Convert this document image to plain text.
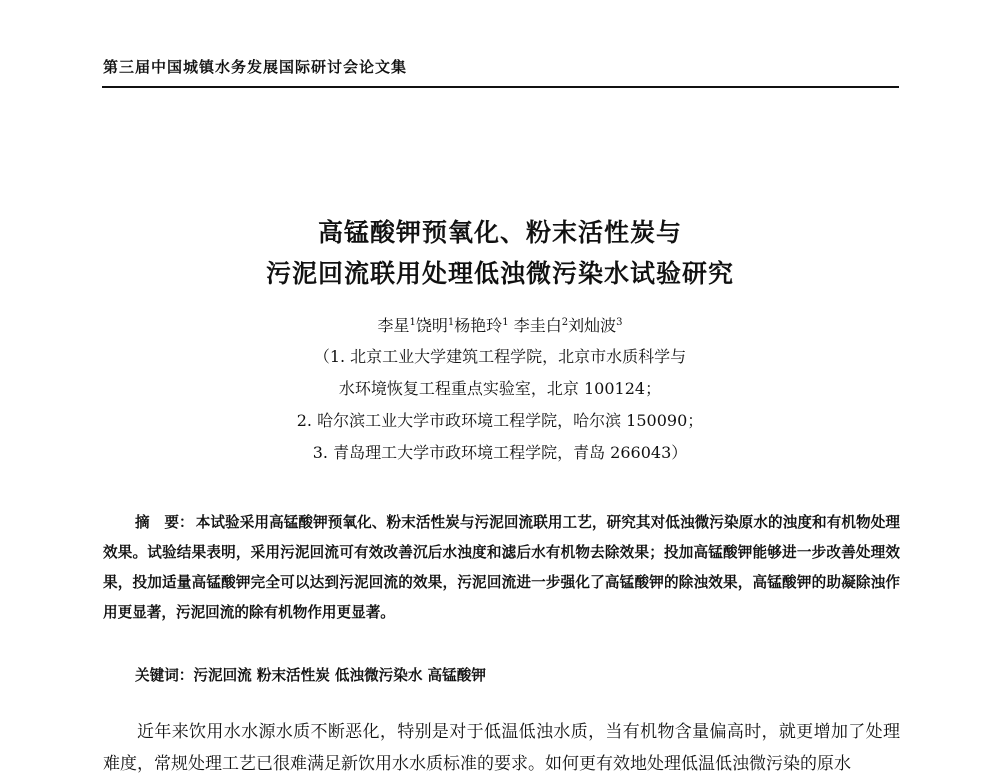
第三届中国城镇水务发展国际研讨会论文集
高锰酸钾预氧化、粉末活性炭与
污泥回流联用处理低浊微污染水试验研究
李星$^1$饶明$^1$杨艳玲$^1$ 李圭白$^2$刘灿波$^3$
（1. 北京工业大学建筑工程学院，北京市水质科学与
水环境恢复工程重点实验室，北京 100124；
2. 哈尔滨工业大学市政环境工程学院，哈尔滨 150090；
3. 青岛理工大学市政环境工程学院，青岛 266043）
摘　要： 本试验采用高锰酸钾预氧化、粉末活性炭与污泥回流联用工艺，研究其对低浊微污染原水的浊度和有机物处理效果。试验结果表明，采用污泥回流可有效改善沉后水浊度和滤后水有机物去除效果；投加高锰酸钾能够进一步改善处理效果，投加适量高锰酸钾完全可以达到污泥回流的效果，污泥回流进一步强化了高锰酸钾的除浊效果，高锰酸钾的助凝除浊作用更显著，污泥回流的除有机物作用更显著。
关键词：污泥回流 粉末活性炭 低浊微污染水 高锰酸钾
近年来饮用水水源水质不断恶化，特别是对于低温低浊水质，当有机物含量偏高时，就更增加了处理难度，常规处理工艺已很难满足新饮用水水质标准的要求。如何更有效地处理低温低浊微污染的原水
